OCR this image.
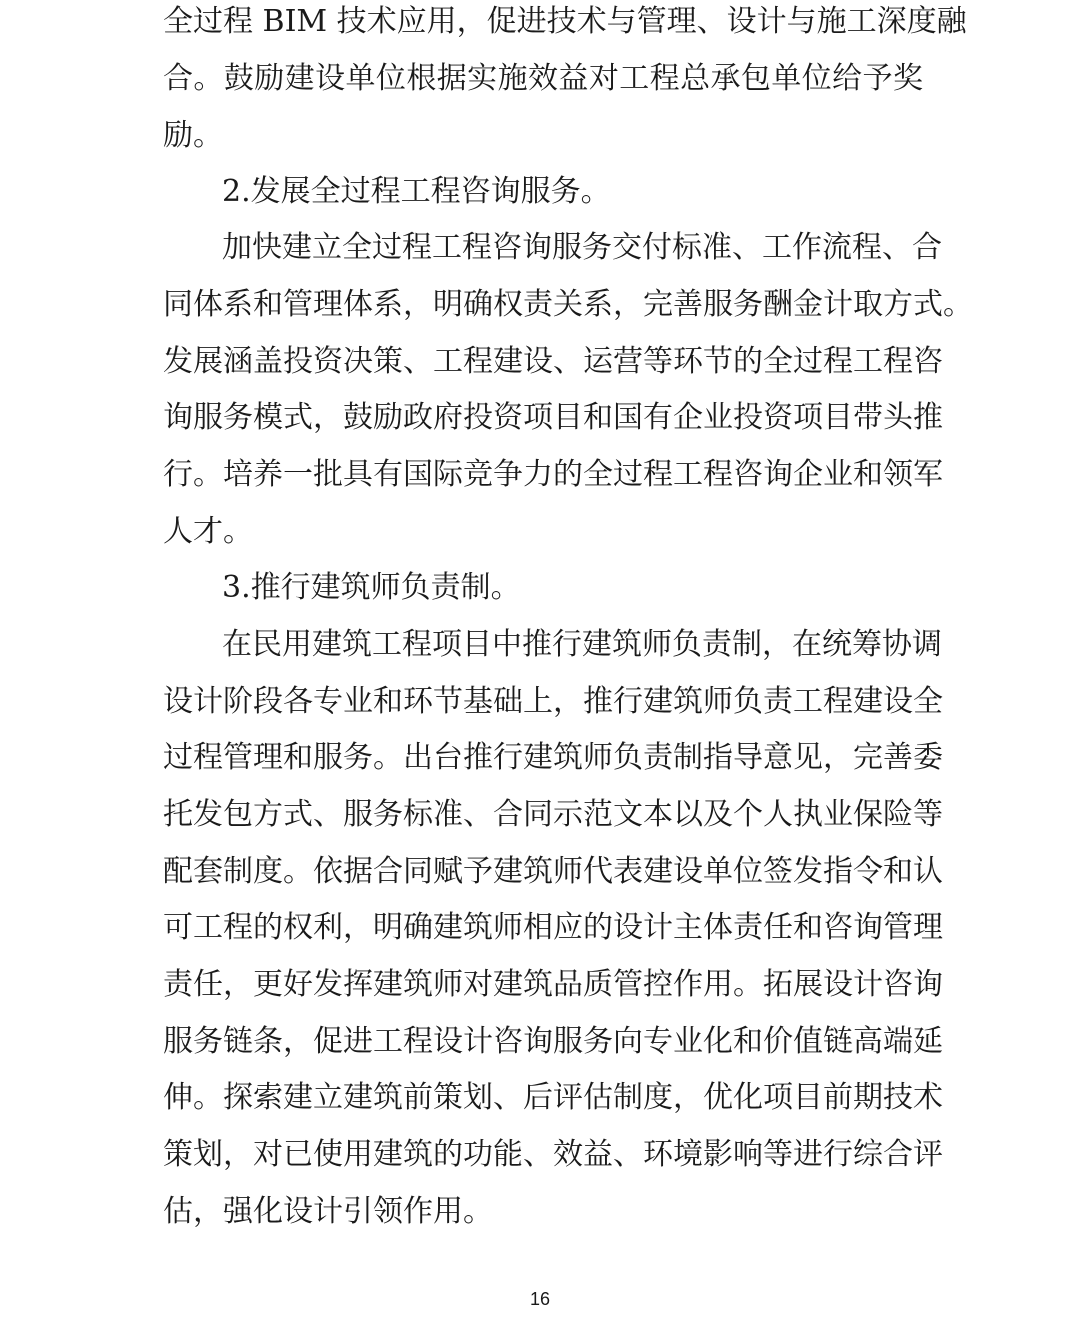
全过程 BIM 技术应用，促进技术与管理、设计与施工深度融
合。鼓励建设单位根据实施效益对工程总承包单位给予奖
励。
2.发展全过程工程咨询服务。
加快建立全过程工程咨询服务交付标准、工作流程、合
同体系和管理体系，明确权责关系，完善服务酬金计取方式。
发展涵盖投资决策、工程建设、运营等环节的全过程工程咨
询服务模式，鼓励政府投资项目和国有企业投资项目带头推
行。培养一批具有国际竞争力的全过程工程咨询企业和领军
人才。
3.推行建筑师负责制。
在民用建筑工程项目中推行建筑师负责制，在统筹协调
设计阶段各专业和环节基础上，推行建筑师负责工程建设全
过程管理和服务。出台推行建筑师负责制指导意见，完善委
托发包方式、服务标准、合同示范文本以及个人执业保险等
配套制度。依据合同赋予建筑师代表建设单位签发指令和认
可工程的权利，明确建筑师相应的设计主体责任和咨询管理
责任，更好发挥建筑师对建筑品质管控作用。拓展设计咨询
服务链条，促进工程设计咨询服务向专业化和价值链高端延
伸。探索建立建筑前策划、后评估制度，优化项目前期技术
策划，对已使用建筑的功能、效益、环境影响等进行综合评
估，强化设计引领作用。
16
